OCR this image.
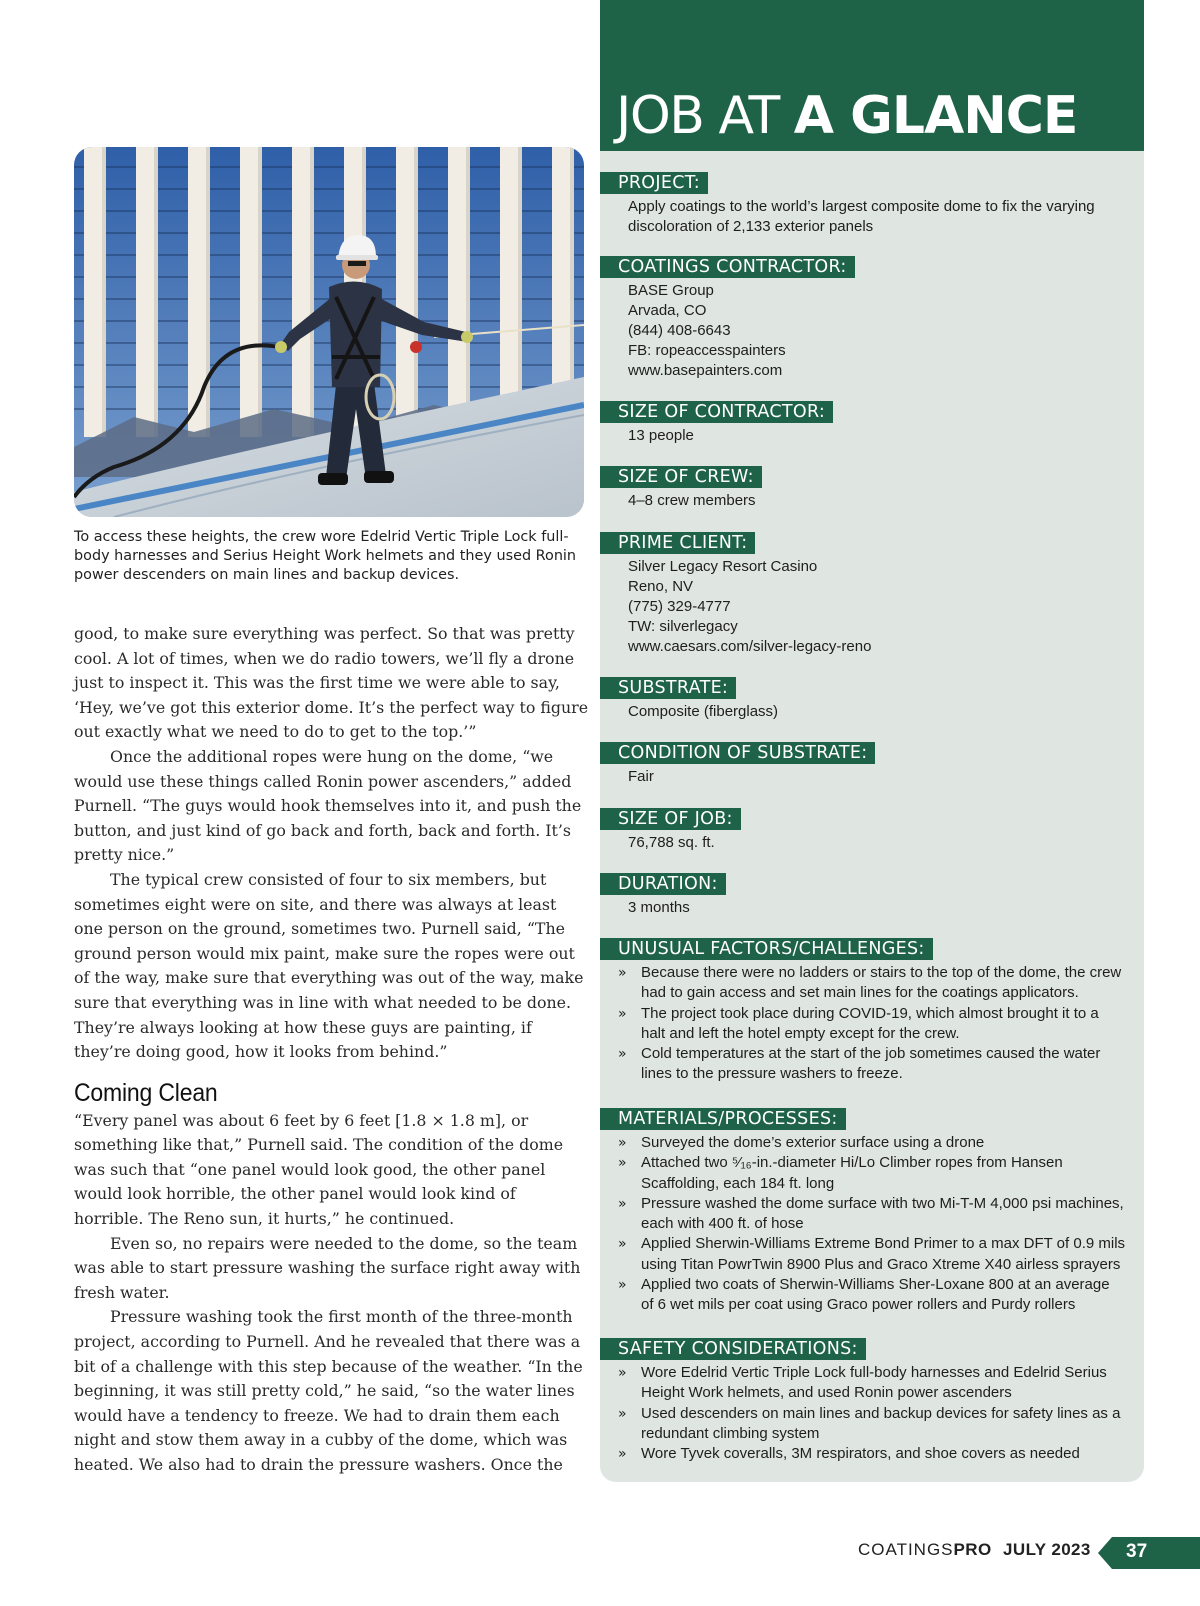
To access these heights, the crew wore Edelrid Vertic Triple Lock full-body harnesses and Serius Height Work helmets and they used Ronin power descenders on main lines and backup devices.

good, to make sure everything was perfect. So that was pretty cool. A lot of times, when we do radio towers, we’ll fly a drone just to inspect it. This was the first time we were able to say, ‘Hey, we’ve got this exterior dome. It’s the perfect way to figure out exactly what we need to do to get to the top.’”

Once the additional ropes were hung on the dome, “we would use these things called Ronin power ascenders,” added Purnell. “The guys would hook themselves into it, and push the button, and just kind of go back and forth, back and forth. It’s pretty nice.”

The typical crew consisted of four to six members, but sometimes eight were on site, and there was always at least one person on the ground, sometimes two. Purnell said, “The ground person would mix paint, make sure the ropes were out of the way, make sure that everything was out of the way, make sure that everything was in line with what needed to be done. They’re always looking at how these guys are painting, if they’re doing good, how it looks from behind.”

Coming Clean

“Every panel was about 6 feet by 6 feet [1.8 × 1.8 m], or something like that,” Purnell said. The condition of the dome was such that “one panel would look good, the other panel would look horrible, the other panel would look kind of horrible. The Reno sun, it hurts,” he continued.

Even so, no repairs were needed to the dome, so the team was able to start pressure washing the surface right away with fresh water.

Pressure washing took the first month of the three-month project, according to Purnell. And he revealed that there was a bit of a challenge with this step because of the weather. “In the beginning, it was still pretty cold,” he said, “so the water lines would have a tendency to freeze. We had to drain them each night and stow them away in a cubby of the dome, which was heated. We also had to drain the pressure washers. Once the

JOB AT A GLANCE
PROJECT:
Apply coatings to the world’s largest composite dome to fix the varying
discoloration of 2,133 exterior panels
COATINGS CONTRACTOR:
BASE Group
Arvada, CO
(844) 408-6643
FB: ropeaccesspainters
www.basepainters.com
SIZE OF CONTRACTOR:
13 people
SIZE OF CREW:
4–8 crew members
PRIME CLIENT:
Silver Legacy Resort Casino
Reno, NV
(775) 329-4777
TW: silverlegacy
www.caesars.com/silver-legacy-reno
SUBSTRATE:
Composite (fiberglass)
CONDITION OF SUBSTRATE:
Fair
SIZE OF JOB:
76,788 sq. ft.
DURATION:
3 months
UNUSUAL FACTORS/CHALLENGES:
» Because there were no ladders or stairs to the top of the dome, the crew had to gain access and set main lines for the coatings applicators.
» The project took place during COVID-19, which almost brought it to a halt and left the hotel empty except for the crew.
» Cold temperatures at the start of the job sometimes caused the water lines to the pressure washers to freeze.
MATERIALS/PROCESSES:
» Surveyed the dome’s exterior surface using a drone
» Attached two ⁵⁄₁₆-in.-diameter Hi/Lo Climber ropes from Hansen Scaffolding, each 184 ft. long
» Pressure washed the dome surface with two Mi-T-M 4,000 psi machines, each with 400 ft. of hose
» Applied Sherwin-Williams Extreme Bond Primer to a max DFT of 0.9 mils using Titan PowrTwin 8900 Plus and Graco Xtreme X40 airless sprayers
» Applied two coats of Sherwin-Williams Sher-Loxane 800 at an average of 6 wet mils per coat using Graco power rollers and Purdy rollers
SAFETY CONSIDERATIONS:
» Wore Edelrid Vertic Triple Lock full-body harnesses and Edelrid Serius Height Work helmets, and used Ronin power ascenders
» Used descenders on main lines and backup devices for safety lines as a redundant climbing system
» Wore Tyvek coveralls, 3M respirators, and shoe covers as needed
COATINGSPRO JULY 2023 37
